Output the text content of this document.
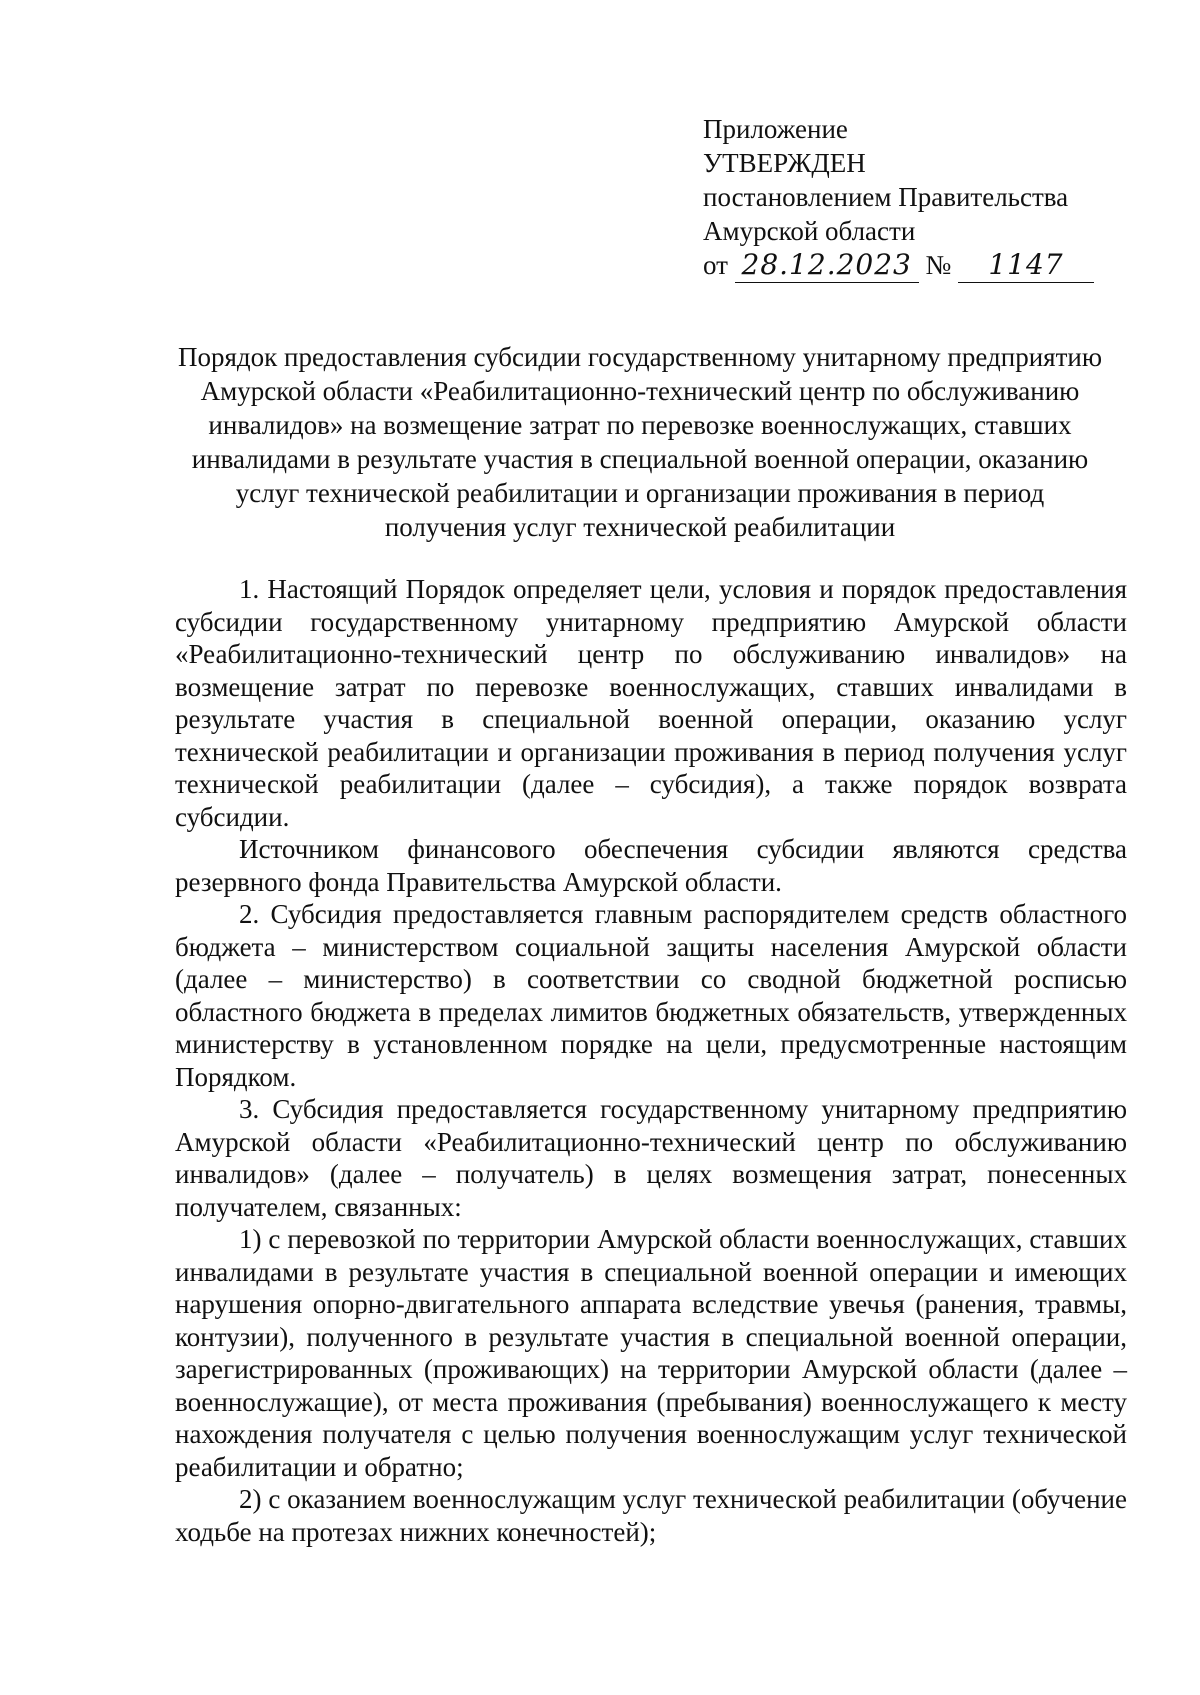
Приложение
УТВЕРЖДЕН
постановлением Правительства
Амурской области
от 28.12.2023 № 1147
Порядок предоставления субсидии государственному унитарному предприятию
Амурской области «Реабилитационно-технический центр по обслуживанию
инвалидов» на возмещение затрат по перевозке военнослужащих, ставших
инвалидами в результате участия в специальной военной операции, оказанию
услуг технической реабилитации и организации проживания в период
получения услуг технической реабилитации

1. Настоящий Порядок определяет цели, условия и порядок предоставления субсидии государственному унитарному предприятию Амурской области «Реабилитационно-технический центр по обслуживанию инвалидов» на возмещение затрат по перевозке военнослужащих, ставших инвалидами в результате участия в специальной военной операции, оказанию услуг технической реабилитации и организации проживания в период получения услуг технической реабилитации (далее – субсидия), а также порядок возврата субсидии.

Источником финансового обеспечения субсидии являются средства резервного фонда Правительства Амурской области.

2. Субсидия предоставляется главным распорядителем средств областного бюджета – министерством социальной защиты населения Амурской области (далее – министерство) в соответствии со сводной бюджетной росписью областного бюджета в пределах лимитов бюджетных обязательств, утвержденных министерству в установленном порядке на цели, предусмотренные настоящим Порядком.

3. Субсидия предоставляется государственному унитарному предприятию Амурской области «Реабилитационно-технический центр по обслуживанию инвалидов» (далее – получатель) в целях возмещения затрат, понесенных получателем, связанных:

1) с перевозкой по территории Амурской области военнослужащих, ставших инвалидами в результате участия в специальной военной операции и имеющих нарушения опорно-двигательного аппарата вследствие увечья (ранения, травмы, контузии), полученного в результате участия в специальной военной операции, зарегистрированных (проживающих) на территории Амурской области (далее – военнослужащие), от места проживания (пребывания) военнослужащего к месту нахождения получателя с целью получения военнослужащим услуг технической реабилитации и обратно;

2) с оказанием военнослужащим услуг технической реабилитации (обучение ходьбе на протезах нижних конечностей);
